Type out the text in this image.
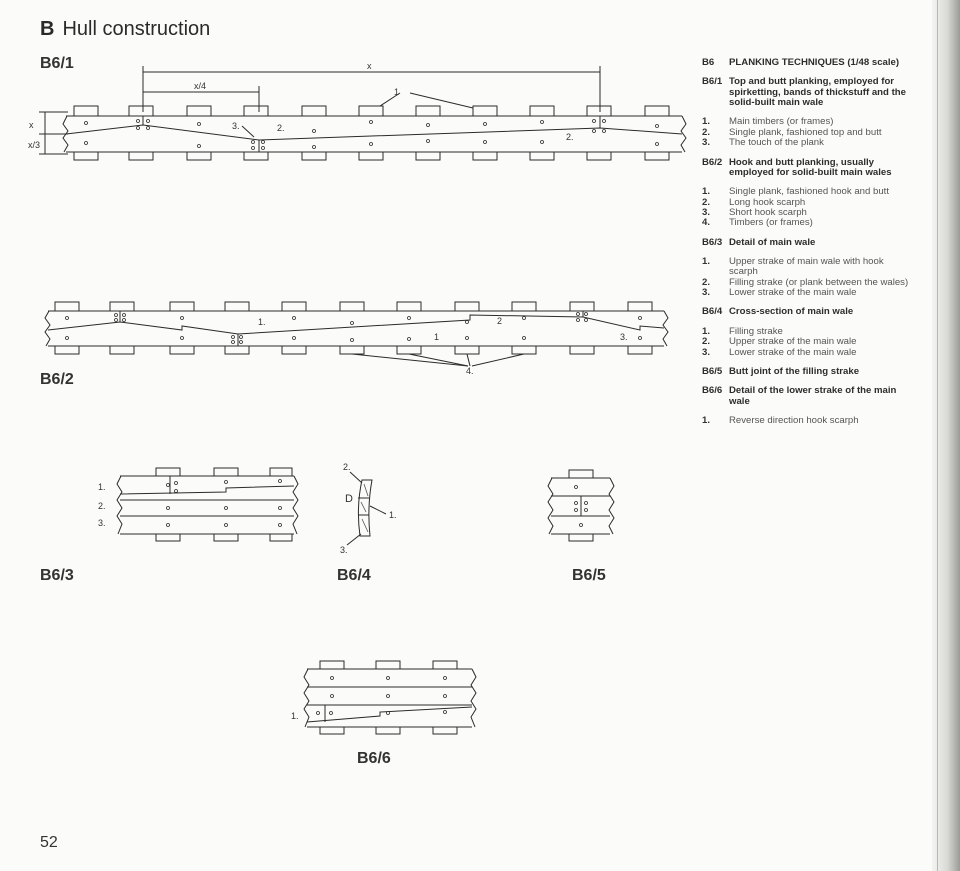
B Hull construction
x
x/4
x
x/3
1
2.
3.
2.
1.
1
2
3.
4.
1.
2.
3.
2.
D
1.
3.
1.
B6/1
B6/2
B6/3	B6/4	B6/5
B6/6
B6	PLANKING TECHNIQUES (1/48 scale)
B6/1 Top and butt planking, employed for spirketting, bands of thickstuff and the solid-built main wale
1.	Main timbers (or frames)
2.	Single plank, fashioned top and butt
3.	The touch of the plank
B6/2 Hook and butt planking, usually employed for solid-built main wales
1.	Single plank, fashioned hook and butt
2.	Long hook scarph
3.	Short hook scarph
4.	Timbers (or frames)
B6/3 Detail of main wale
1.	Upper strake of main wale with hook scarph
2.	Filling strake (or plank between the wales)
3.	Lower strake of the main wale
B6/4 Cross-section of main wale
1.	Filling strake
2.	Upper strake of the main wale
3.	Lower strake of the main wale
B6/5 Butt joint of the filling strake
B6/6 Detail of the lower strake of the main wale
1.	Reverse direction hook scarph
52
